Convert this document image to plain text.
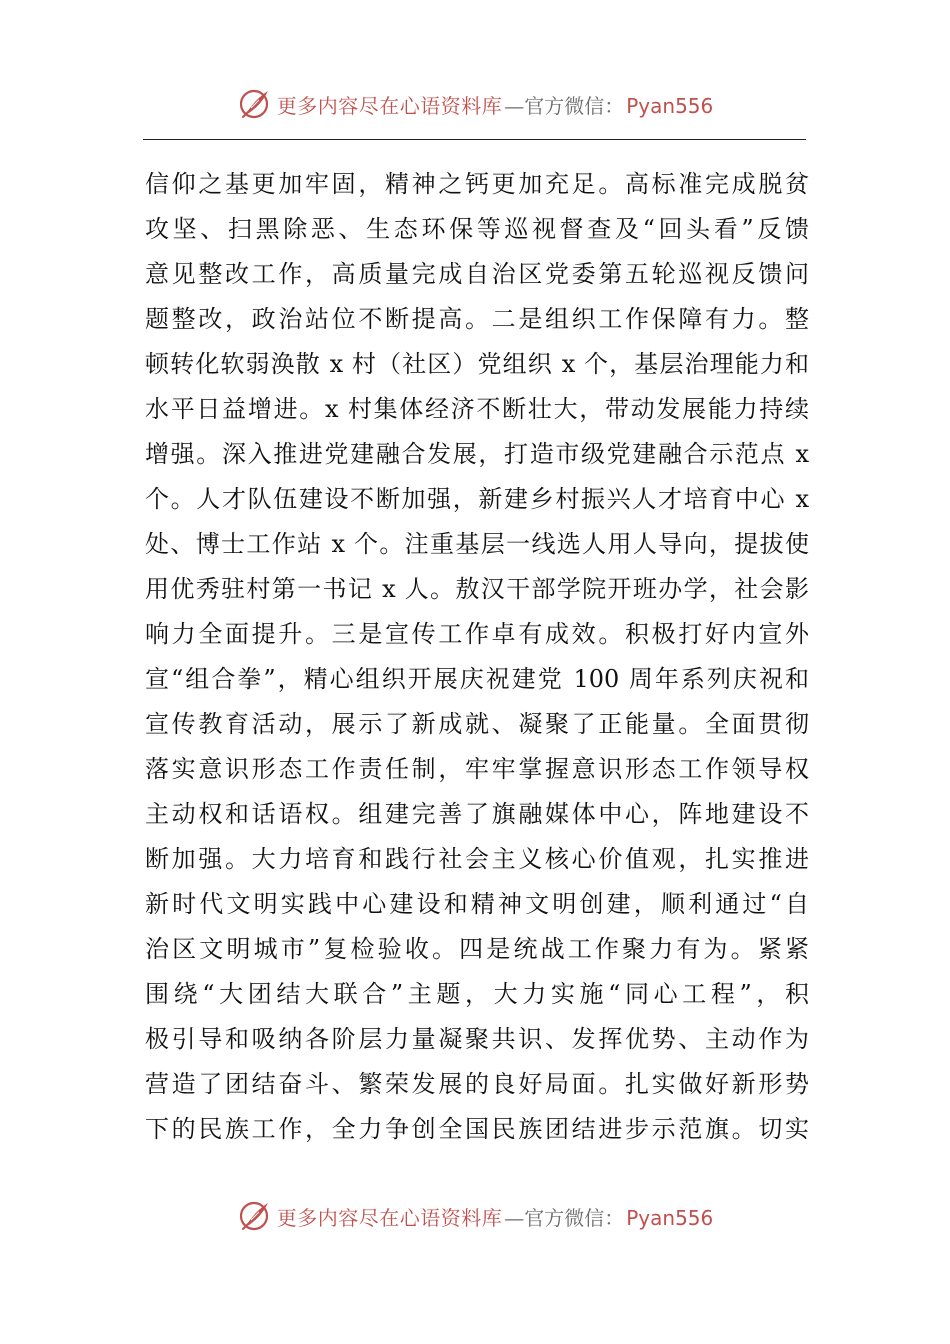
更多内容尽在心语资料库 — 官方微信： Pyan556
信仰之基更加牢固，精神之钙更加充足。高标准完成脱贫
攻坚、扫黑除恶、生态环保等巡视督查及“回头看”反馈
意见整改工作，高质量完成自治区党委第五轮巡视反馈问
题整改，政治站位不断提高。二是组织工作保障有力。整
顿转化软弱涣散 x 村（社区）党组织 x 个，基层治理能力和
水平日益增进。x 村集体经济不断壮大，带动发展能力持续
增强。深入推进党建融合发展，打造市级党建融合示范点 x
个。人才队伍建设不断加强，新建乡村振兴人才培育中心 x
处、博士工作站 x 个。注重基层一线选人用人导向，提拔使
用优秀驻村第一书记 x 人。敖汉干部学院开班办学，社会影
响力全面提升。三是宣传工作卓有成效。积极打好内宣外
宣“组合拳”，精心组织开展庆祝建党 100 周年系列庆祝和
宣传教育活动，展示了新成就、凝聚了正能量。全面贯彻
落实意识形态工作责任制，牢牢掌握意识形态工作领导权
主动权和话语权。组建完善了旗融媒体中心，阵地建设不
断加强。大力培育和践行社会主义核心价值观，扎实推进
新时代文明实践中心建设和精神文明创建，顺利通过“自
治区文明城市”复检验收。四是统战工作聚力有为。紧紧
围绕“大团结大联合”主题，大力实施“同心工程”，积
极引导和吸纳各阶层力量凝聚共识、发挥优势、主动作为
营造了团结奋斗、繁荣发展的良好局面。扎实做好新形势
下的民族工作，全力争创全国民族团结进步示范旗。切实
更多内容尽在心语资料库 — 官方微信： Pyan556
